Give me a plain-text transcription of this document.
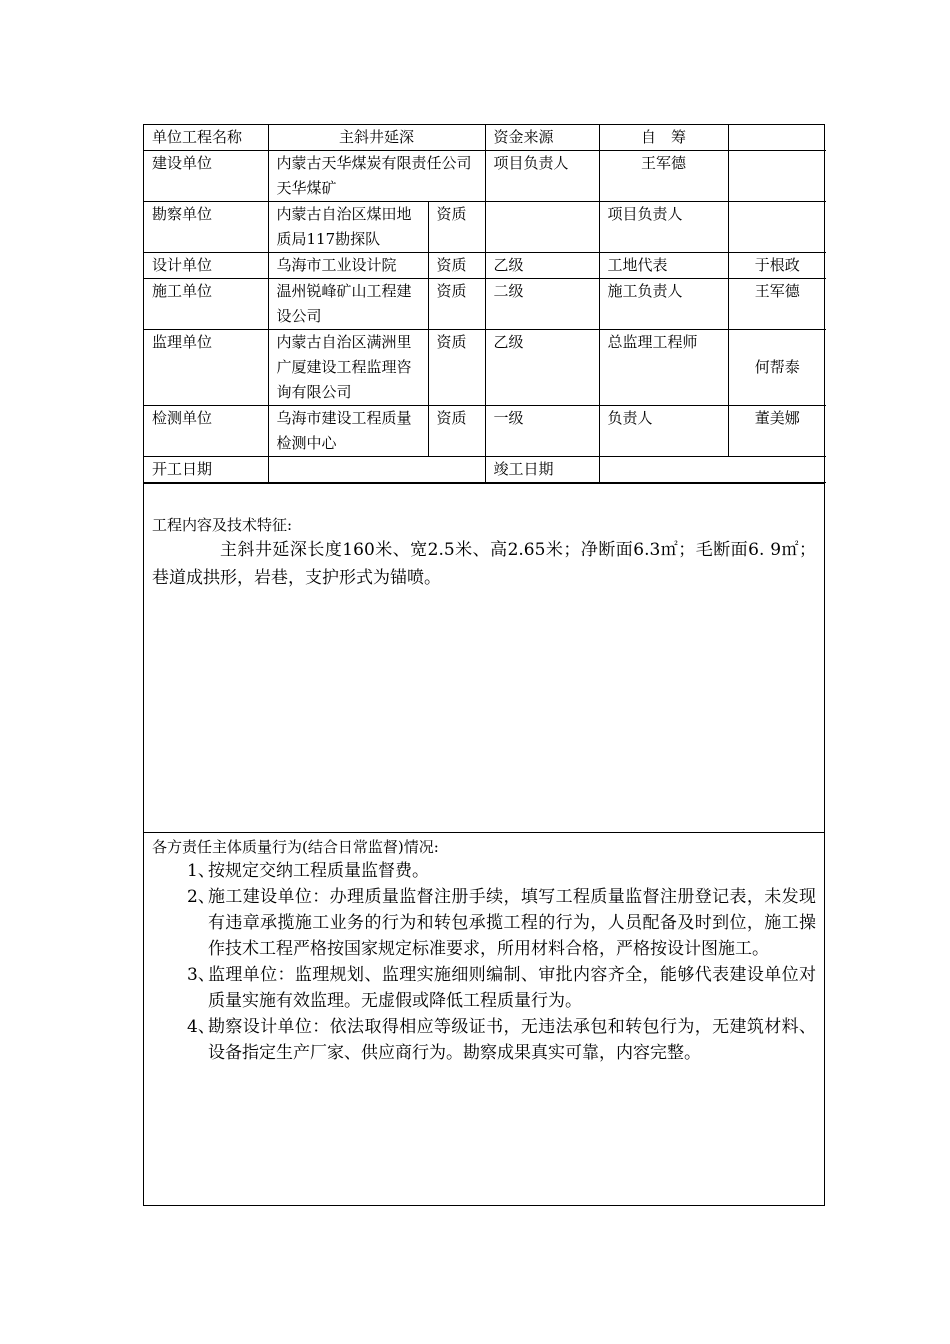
单位工程名称	主斜井延深		资金来源	自　筹	
建设单位	内蒙古天华煤炭有限责任公司天华煤矿		项目负责人	王军德	
勘察单位	内蒙古自治区煤田地质局117勘探队	资质		项目负责人	
设计单位	乌海市工业设计院	资质	乙级	工地代表	于根政
施工单位	温州锐峰矿山工程建设公司	资质	二级	施工负责人	王军德
监理单位	内蒙古自治区满洲里广厦建设工程监理咨询有限公司	资质	乙级	总监理工程师	何帮泰
检测单位	乌海市建设工程质量检测中心	资质	一级	负责人	董美娜
开工日期			竣工日期		
工程内容及技术特征:
主斜井延深长度160米、宽2.5米、高2.65米；净断面6.3㎡；毛断面6. 9㎡；巷道成拱形，岩巷，支护形式为锚喷。
各方责任主体质量行为(结合日常监督)情况:
1、
按规定交纳工程质量监督费。
2、
施工建设单位：办理质量监督注册手续，填写工程质量监督注册登记表，未发现有违章承揽施工业务的行为和转包承揽工程的行为，人员配备及时到位，施工操作技术工程严格按国家规定标准要求，所用材料合格，严格按设计图施工。
3、
监理单位：监理规划、监理实施细则编制、审批内容齐全，能够代表建设单位对质量实施有效监理。无虚假或降低工程质量行为。
4、
勘察设计单位：依法取得相应等级证书，无违法承包和转包行为，无建筑材料、设备指定生产厂家、供应商行为。勘察成果真实可靠，内容完整。
